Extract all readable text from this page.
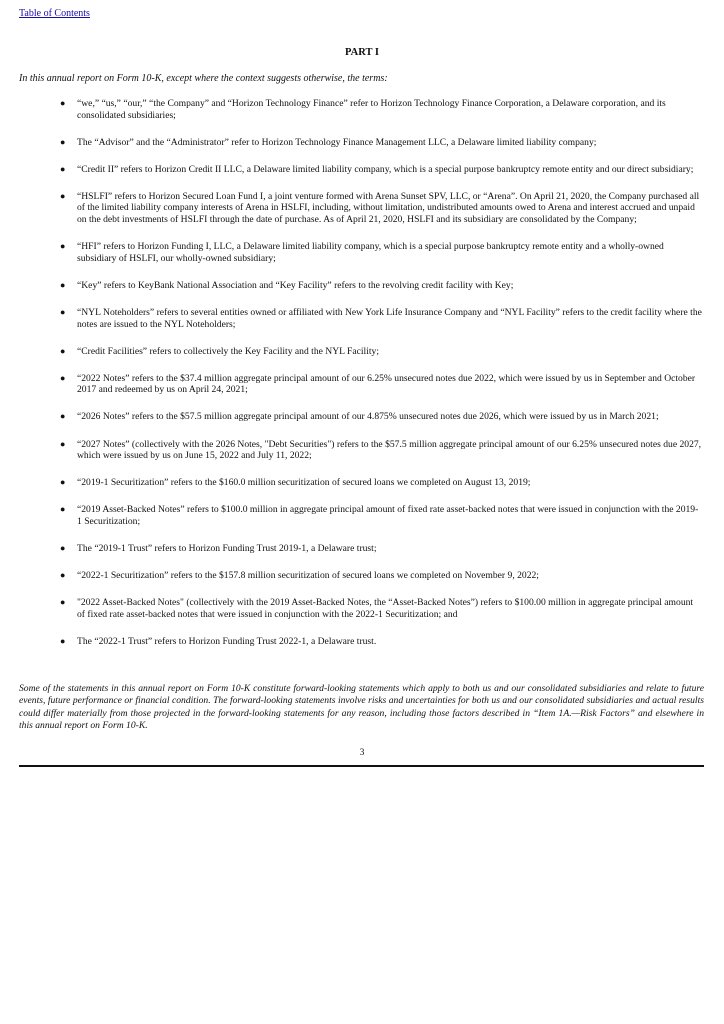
Table of Contents
PART I
In this annual report on Form 10-K, except where the context suggests otherwise, the terms:
● “we,” “us,” “our,” “the Company” and “Horizon Technology Finance” refer to Horizon Technology Finance Corporation, a Delaware corporation, and its consolidated subsidiaries;
● The “Advisor” and the “Administrator” refer to Horizon Technology Finance Management LLC, a Delaware limited liability company;
● “Credit II” refers to Horizon Credit II LLC, a Delaware limited liability company, which is a special purpose bankruptcy remote entity and our direct subsidiary;
● “HSLFI” refers to Horizon Secured Loan Fund I, a joint venture formed with Arena Sunset SPV, LLC, or “Arena”. On April 21, 2020, the Company purchased all of the limited liability company interests of Arena in HSLFI, including, without limitation, undistributed amounts owed to Arena and interest accrued and unpaid on the debt investments of HSLFI through the date of purchase. As of April 21, 2020, HSLFI and its subsidiary are consolidated by the Company;
● “HFI” refers to Horizon Funding I, LLC, a Delaware limited liability company, which is a special purpose bankruptcy remote entity and a wholly-owned subsidiary of HSLFI, our wholly-owned subsidiary;
● “Key” refers to KeyBank National Association and “Key Facility” refers to the revolving credit facility with Key;
● “NYL Noteholders” refers to several entities owned or affiliated with New York Life Insurance Company and “NYL Facility” refers to the credit facility where the notes are issued to the NYL Noteholders;
● “Credit Facilities” refers to collectively the Key Facility and the NYL Facility;
● “2022 Notes” refers to the $37.4 million aggregate principal amount of our 6.25% unsecured notes due 2022, which were issued by us in September and October 2017 and redeemed by us on April 24, 2021;
● “2026 Notes” refers to the $57.5 million aggregate principal amount of our 4.875% unsecured notes due 2026, which were issued by us in March 2021;
● “2027 Notes” (collectively with the 2026 Notes, "Debt Securities") refers to the $57.5 million aggregate principal amount of our 6.25% unsecured notes due 2027, which were issued by us on June 15, 2022 and July 11, 2022;
● “2019-1 Securitization” refers to the $160.0 million securitization of secured loans we completed on August 13, 2019;
● “2019 Asset-Backed Notes” refers to $100.0 million in aggregate principal amount of fixed rate asset-backed notes that were issued in conjunction with the 2019-1 Securitization;
● The “2019-1 Trust” refers to Horizon Funding Trust 2019-1, a Delaware trust;
● “2022-1 Securitization” refers to the $157.8 million securitization of secured loans we completed on November 9, 2022;
● "2022 Asset-Backed Notes" (collectively with the 2019 Asset-Backed Notes, the “Asset-Backed Notes”) refers to $100.00 million in aggregate principal amount of fixed rate asset-backed notes that were issued in conjunction with the 2022-1 Securitization; and
● The “2022-1 Trust” refers to Horizon Funding Trust 2022-1, a Delaware trust.
Some of the statements in this annual report on Form 10-K constitute forward-looking statements which apply to both us and our consolidated subsidiaries and relate to future events, future performance or financial condition. The forward-looking statements involve risks and uncertainties for both us and our consolidated subsidiaries and actual results could differ materially from those projected in the forward-looking statements for any reason, including those factors described in “Item 1A.—Risk Factors” and elsewhere in this annual report on Form 10-K.
3
